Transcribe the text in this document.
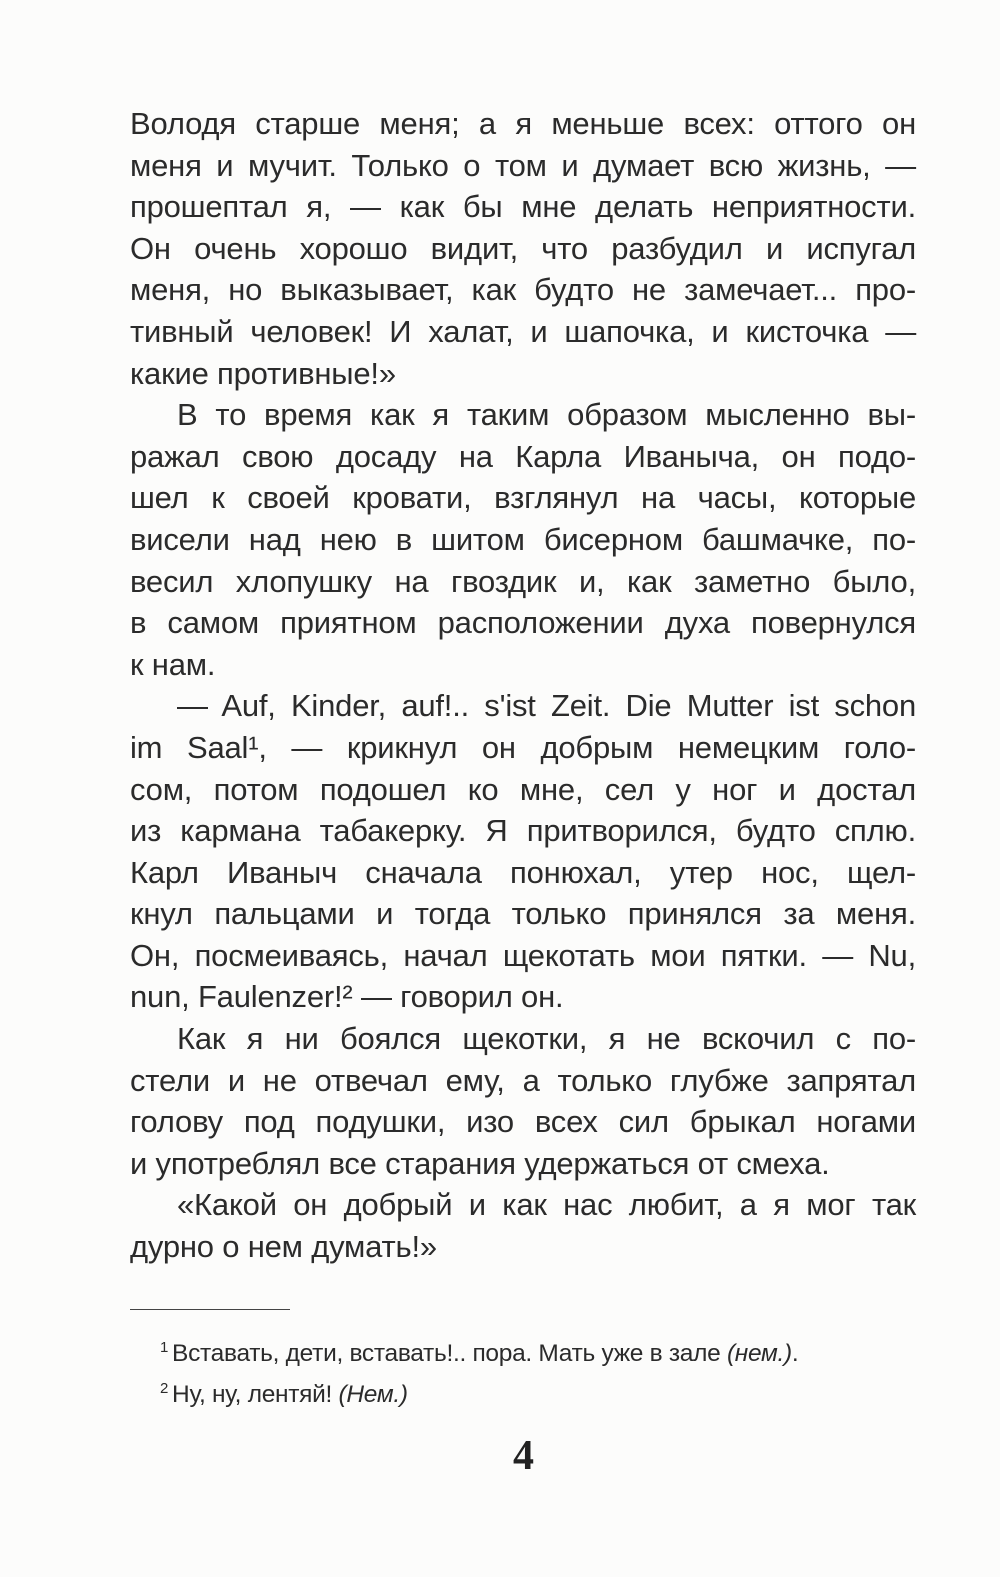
Володя старше меня; а я меньше всех: оттого он
меня и мучит. Только о том и думает всю жизнь, —
прошептал я, — как бы мне делать неприятности.
Он очень хорошо видит, что разбудил и испугал
меня, но выказывает, как будто не замечает... про-
тивный человек! И халат, и шапочка, и кисточка —
какие противные!»
В то время как я таким образом мысленно вы-
ражал свою досаду на Карла Иваныча, он подо-
шел к своей кровати, взглянул на часы, которые
висели над нею в шитом бисерном башмачке, по-
весил хлопушку на гвоздик и, как заметно было,
в самом приятном расположении духа повернулся
к нам.
— Auf, Kinder, auf!.. s'ist Zeit. Die Mutter ist schon
im Saal¹, — крикнул он добрым немецким голо-
сом, потом подошел ко мне, сел у ног и достал
из кармана табакерку. Я притворился, будто сплю.
Карл Иваныч сначала понюхал, утер нос, щел-
кнул пальцами и тогда только принялся за меня.
Он, посмеиваясь, начал щекотать мои пятки. — Nu,
nun, Faulenzer!² — говорил он.
Как я ни боялся щекотки, я не вскочил с по-
стели и не отвечал ему, а только глубже запрятал
голову под подушки, изо всех сил брыкал ногами
и употреблял все старания удержаться от смеха.
«Какой он добрый и как нас любит, а я мог так
дурно о нем думать!»
$^1$ Вставать, дети, вставать!.. пора. Мать уже в зале (нем.).
$^2$ Ну, ну, лентяй! (Нем.)
4
